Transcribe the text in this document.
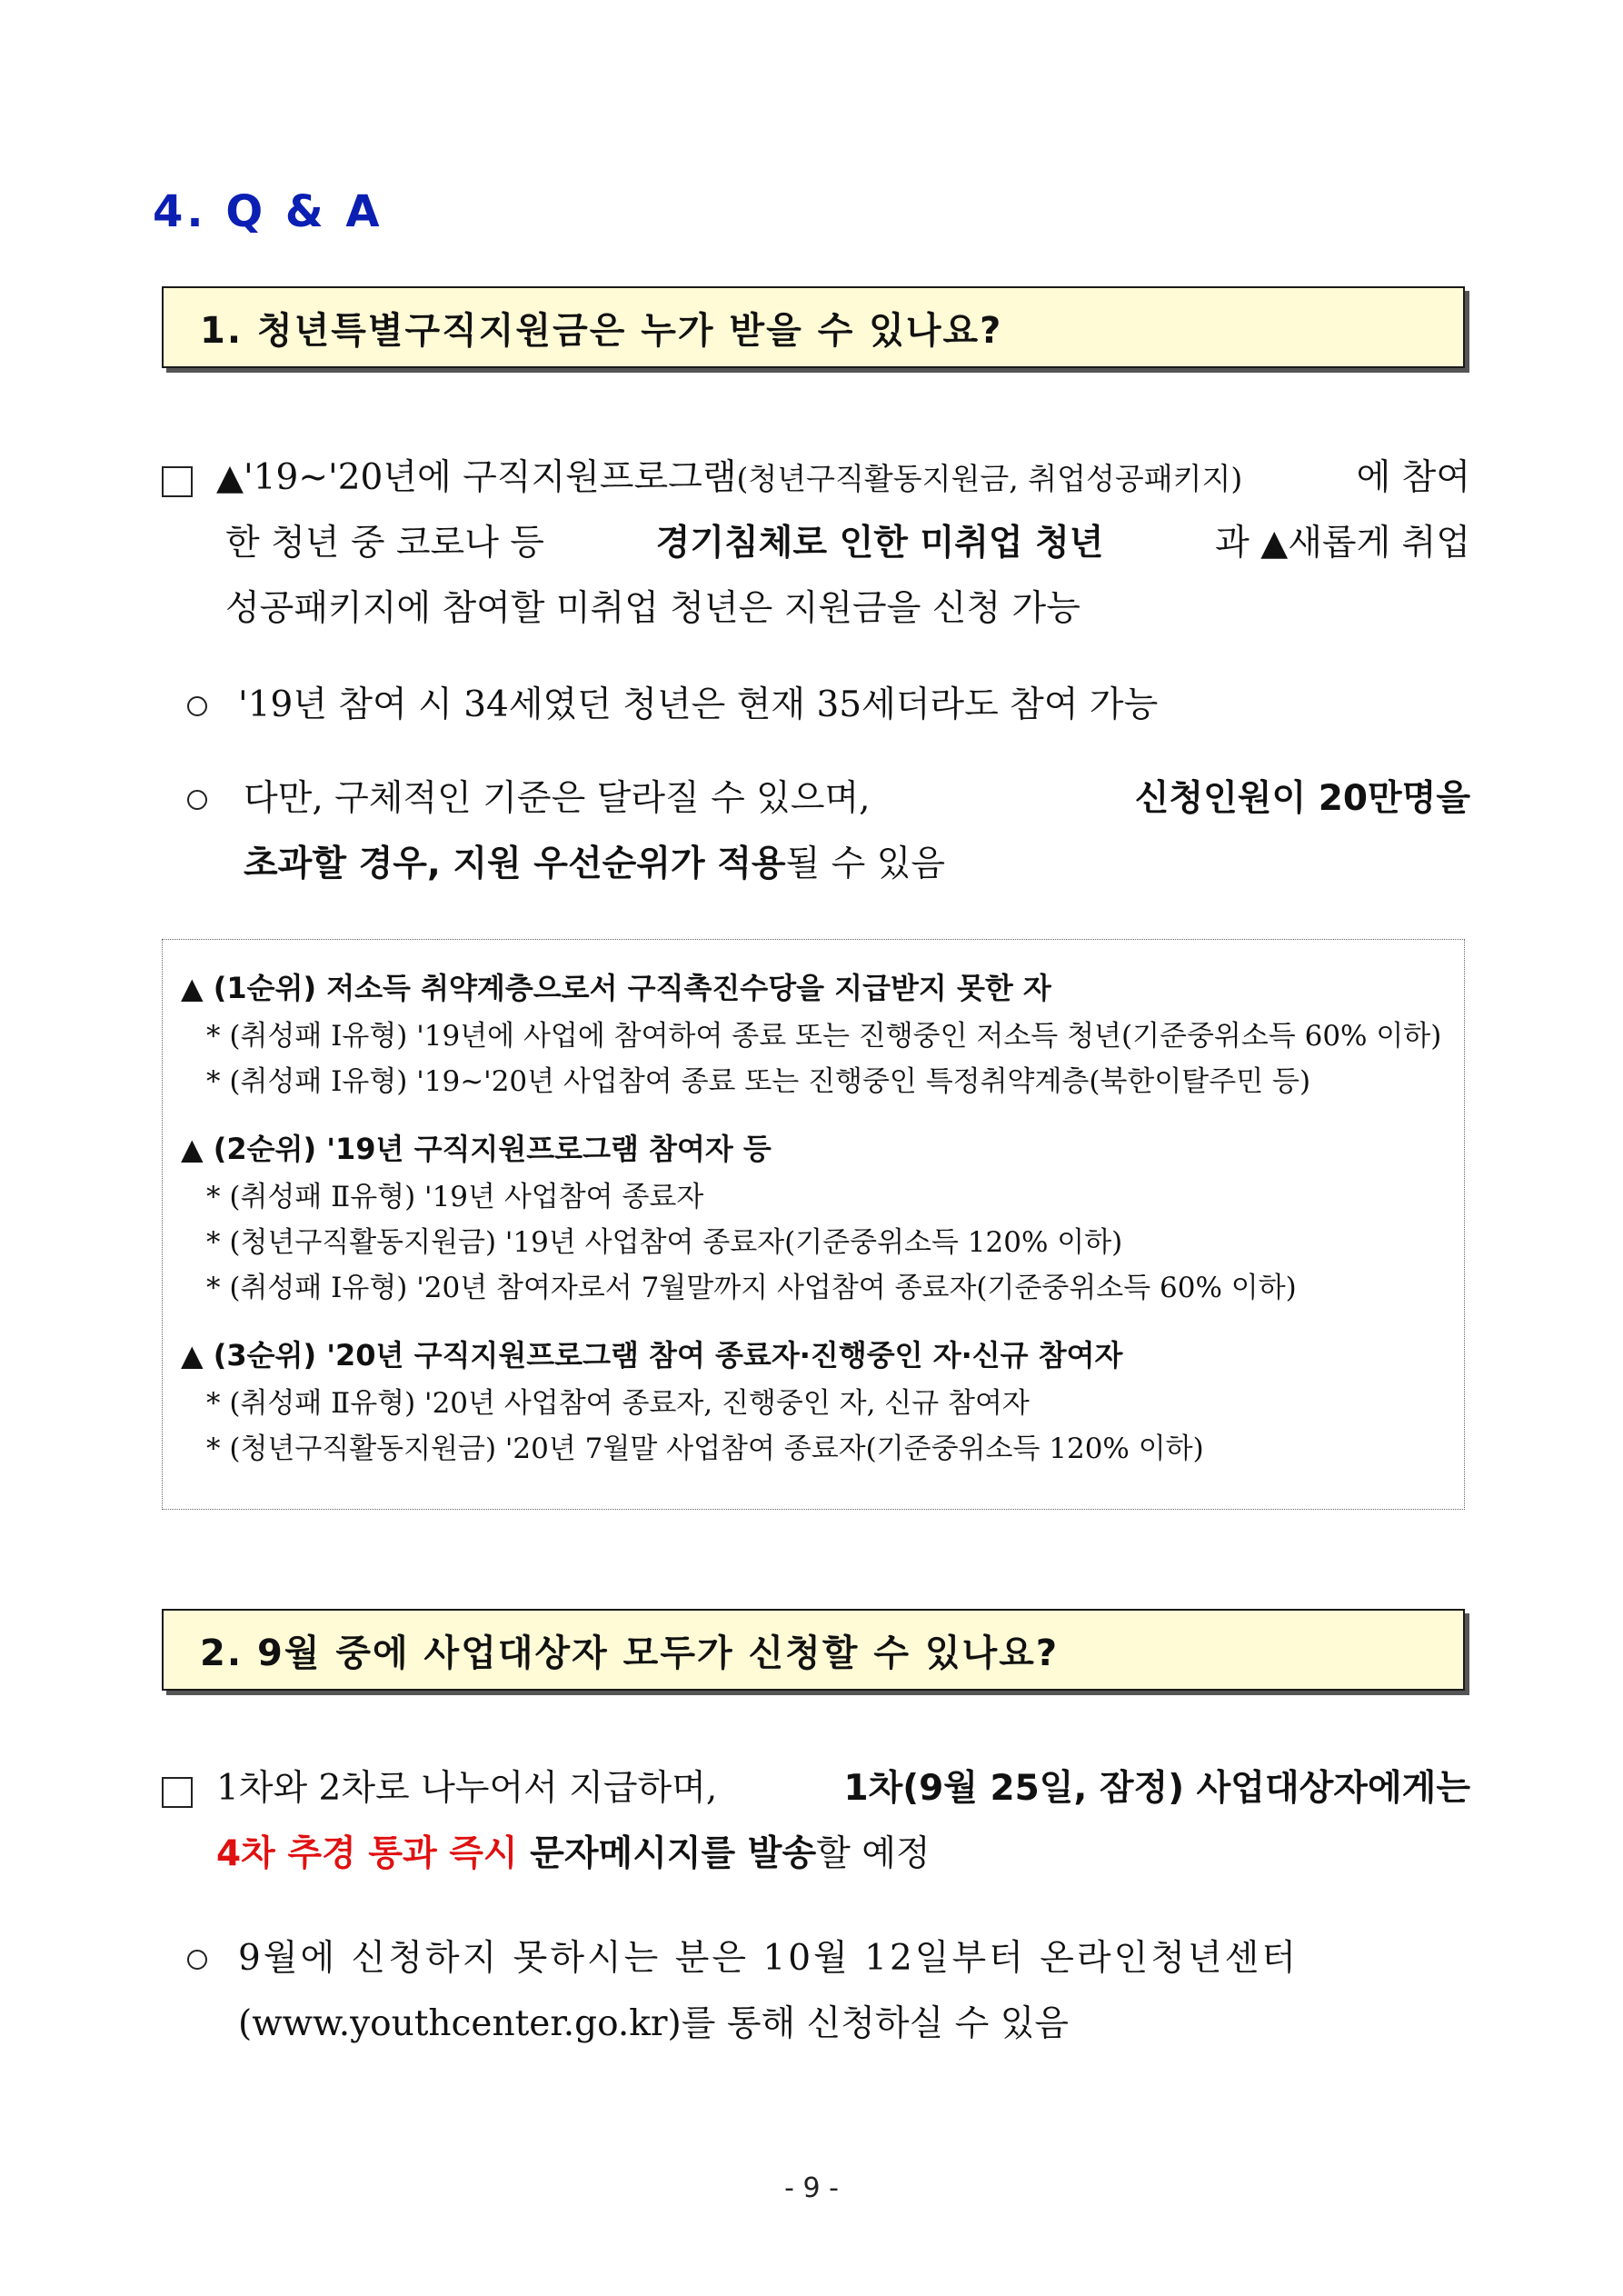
4. Q & A
1. 청년특별구직지원금은 누가 받을 수 있나요?
▲'19~'20년에 구직지원프로그램(청년구직활동지원금, 취업성공패키지)	에 참여
한 청년 중 코로나 등	경기침체로 인한 미취업 청년	과 ▲새롭게 취업
성공패키지에 참여할 미취업 청년은 지원금을 신청 가능
'19년 참여 시 34세였던 청년은 현재 35세더라도 참여 가능
다만, 구체적인 기준은 달라질 수 있으며,	신청인원이 20만명을
초과할 경우, 지원 우선순위가 적용될 수 있음
▲ (1순위) 저소득 취약계층으로서 구직촉진수당을 지급받지 못한 자
* (취성패 Ⅰ유형) '19년에 사업에 참여하여 종료 또는 진행중인 저소득 청년(기준중위소득 60% 이하)
* (취성패 Ⅰ유형) '19~'20년 사업참여 종료 또는 진행중인 특정취약계층(북한이탈주민 등)
▲ (2순위) '19년 구직지원프로그램 참여자 등
* (취성패 Ⅱ유형) '19년 사업참여 종료자
* (청년구직활동지원금) '19년 사업참여 종료자(기준중위소득 120% 이하)
* (취성패 Ⅰ유형) '20년 참여자로서 7월말까지 사업참여 종료자(기준중위소득 60% 이하)
▲ (3순위) '20년 구직지원프로그램 참여 종료자·진행중인 자·신규 참여자
* (취성패 Ⅱ유형) '20년 사업참여 종료자, 진행중인 자, 신규 참여자
* (청년구직활동지원금) '20년 7월말 사업참여 종료자(기준중위소득 120% 이하)
2. 9월 중에 사업대상자 모두가 신청할 수 있나요?
1차와 2차로 나누어서 지급하며,	1차(9월 25일, 잠정) 사업대상자에게는
4차 추경 통과 즉시 문자메시지를 발송할 예정
9월에 신청하지 못하시는 분은 10월 12일부터 온라인청년센터
(www.youthcenter.go.kr)를 통해 신청하실 수 있음
- 9 -
